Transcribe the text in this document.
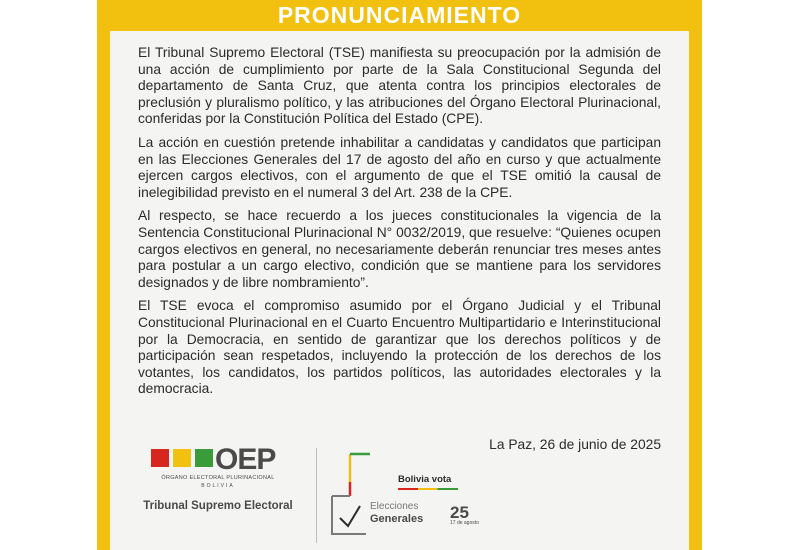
PRONUNCIAMIENTO

El Tribunal Supremo Electoral (TSE) manifiesta su preocupación por la admisión de una acción de cumplimiento por parte de la Sala Constitucional Segunda del departamento de Santa Cruz, que atenta contra los principios electorales de preclusión y pluralismo político, y las atribuciones del Órgano Electoral Plurinacional, conferidas por la Constitución Política del Estado (CPE).

La acción en cuestión pretende inhabilitar a candidatas y candidatos que participan en las Elecciones Generales del 17 de agosto del año en curso y que actualmente ejercen cargos electivos, con el argumento de que el TSE omitió la causal de inelegibilidad previsto en el numeral 3 del Art. 238 de la CPE.

Al respecto, se hace recuerdo a los jueces constitucionales la vigencia de la Sentencia Constitucional Plurinacional N° 0032/2019, que resuelve: “Quienes ocupen cargos electivos en general, no necesariamente deberán renunciar tres meses antes para postular a un cargo electivo, condición que se mantiene para los servidores designados y de libre nombramiento”.

El TSE evoca el compromiso asumido por el Órgano Judicial y el Tribunal Constitucional Plurinacional en el Cuarto Encuentro Multipartidario e Interinstitucional por la Democracia, en sentido de garantizar que los derechos políticos y de participación sean respetados, incluyendo la protección de los derechos de los votantes, los candidatos, los partidos políticos, las autoridades electorales y la democracia.

La Paz, 26 de junio de 2025
OEP
ÓRGANO ELECTORAL PLURINACIONAL
BOLIVIA
Tribunal Supremo Electoral
Bolivia vota
Elecciones
Generales 25
17 de agosto
